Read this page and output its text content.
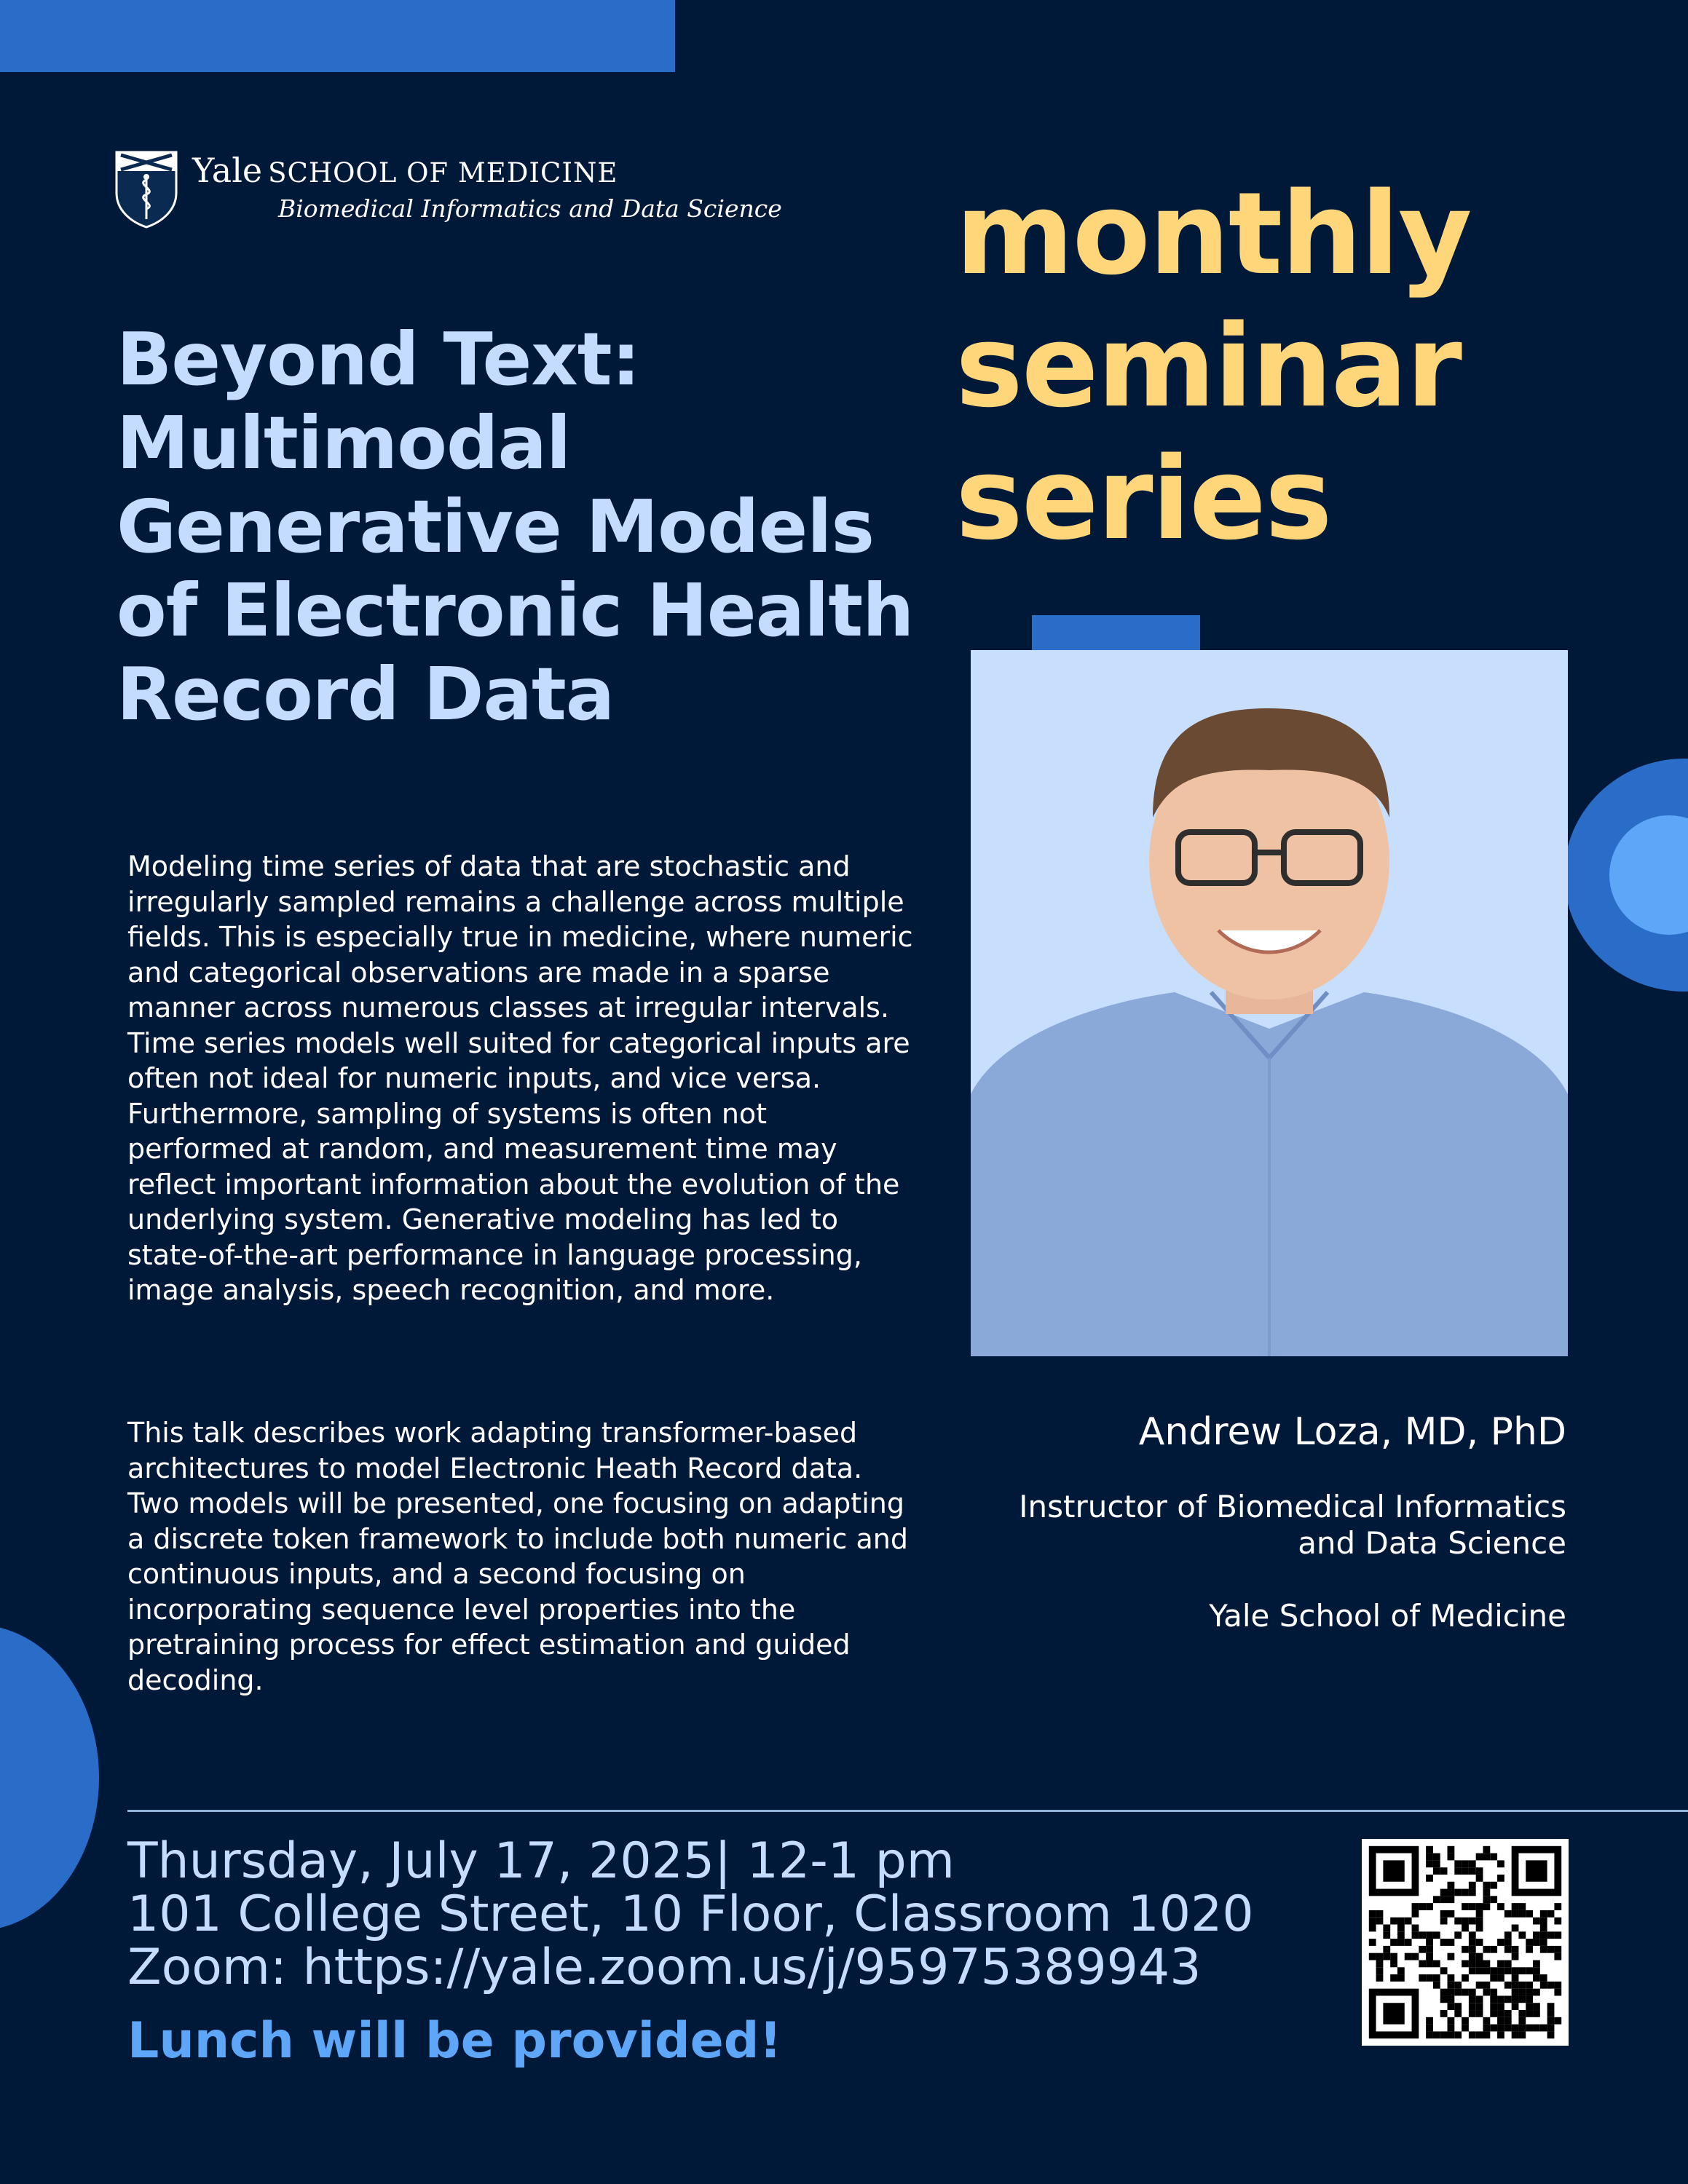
Yale SCHOOL OF MEDICINE
Biomedical Informatics and Data Science
Beyond Text: Multimodal Generative Models of Electronic Health Record Data
monthly
seminar
series

Modeling time series of data that are stochastic and irregularly sampled remains a challenge across multiple fields. This is especially true in medicine, where numeric and categorical observations are made in a sparse manner across numerous classes at irregular intervals. Time series models well suited for categorical inputs are often not ideal for numeric inputs, and vice versa. Furthermore, sampling of systems is often not performed at random, and measurement time may reflect important information about the evolution of the underlying system. Generative modeling has led to state-of-the-art performance in language processing, image analysis, speech recognition, and more.

This talk describes work adapting transformer-based architectures to model Electronic Heath Record data. Two models will be presented, one focusing on adapting a discrete token framework to include both numeric and continuous inputs, and a second focusing on incorporating sequence level properties into the pretraining process for effect estimation and guided decoding.

Andrew Loza, MD, PhD
Instructor of Biomedical Informatics and Data Science
Yale School of Medicine
Thursday, July 17, 2025| 12-1 pm
101 College Street, 10 Floor, Classroom 1020
Zoom: https://yale.zoom.us/j/95975389943
Lunch will be provided!
